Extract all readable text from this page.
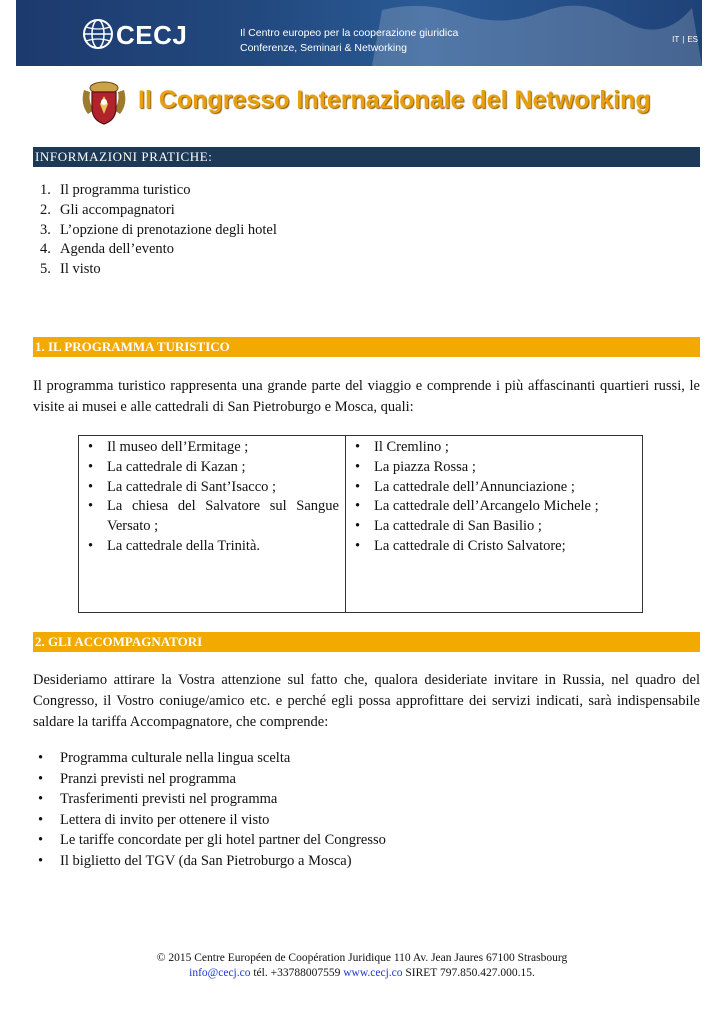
CECJ	Il Centro europeo per la cooperazione giuridica
Conferenze, Seminari & Networking
IT | ES
Il Congresso Internazionale del Networking
INFORMAZIONI PRATICHE:
1. Il programma turistico
2. Gli accompagnatori
3. L’opzione di prenotazione degli hotel
4. Agenda dell’evento
5. Il visto
1. IL PROGRAMMA TURISTICO

Il programma turistico rappresenta una grande parte del viaggio e comprende i più affascinanti quartieri russi, le visite ai musei e alle cattedrali di San Pietroburgo e Mosca, quali:

• Il museo dell’Ermitage ;
• La cattedrale di Kazan ;
• La cattedrale di Sant’Isacco ;
• La chiesa del Salvatore sul Sangue Versato ;
• La cattedrale della Trinità.
• Il Cremlino ;
• La piazza Rossa ;
• La cattedrale dell’Annunciazione ;
• La cattedrale dell’Arcangelo Michele ;
• La cattedrale di San Basilio ;
• La cattedrale di Cristo Salvatore;
2. GLI ACCOMPAGNATORI

Desideriamo attirare la Vostra attenzione sul fatto che, qualora desideriate invitare in Russia, nel quadro del Congresso, il Vostro coniuge/amico etc. e perché egli possa approfittare dei servizi indicati, sarà indispensabile saldare la tariffa Accompagnatore, che comprende:

• Programma culturale nella lingua scelta
• Pranzi previsti nel programma
• Trasferimenti previsti nel programma
• Lettera di invito per ottenere il visto
• Le tariffe concordate per gli hotel partner del Congresso
• Il biglietto del TGV (da San Pietroburgo a Mosca)
© 2015 Centre Européen de Coopération Juridique 110 Av. Jean Jaures 67100 Strasbourg
info@cecj.co tél. +33788007559 www.cecj.co SIRET 797.850.427.000.15.
